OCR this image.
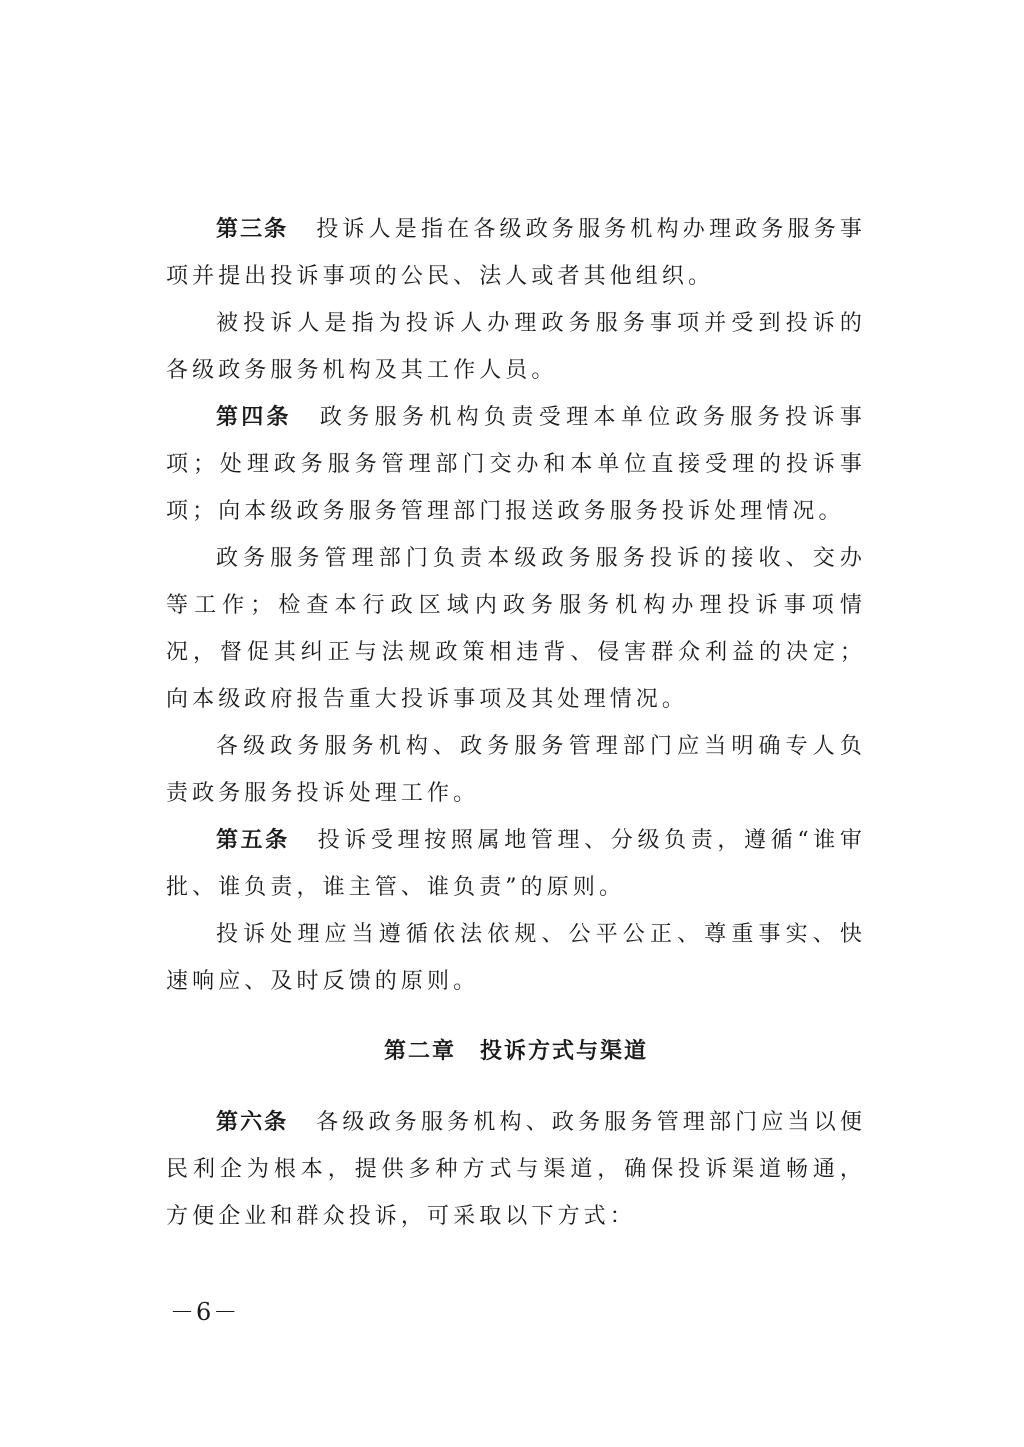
第三条 投诉人是指在各级政务服务机构办理政务服务事项并提出投诉事项的公民、法人或者其他组织。

被投诉人是指为投诉人办理政务服务事项并受到投诉的各级政务服务机构及其工作人员。

第四条 政务服务机构负责受理本单位政务服务投诉事项；处理政务服务管理部门交办和本单位直接受理的投诉事项；向本级政务服务管理部门报送政务服务投诉处理情况。

政务服务管理部门负责本级政务服务投诉的接收、交办等工作；检查本行政区域内政务服务机构办理投诉事项情况，督促其纠正与法规政策相违背、侵害群众利益的决定；向本级政府报告重大投诉事项及其处理情况。

各级政务服务机构、政务服务管理部门应当明确专人负责政务服务投诉处理工作。

第五条 投诉受理按照属地管理、分级负责，遵循“谁审批、谁负责，谁主管、谁负责”的原则。

投诉处理应当遵循依法依规、公平公正、尊重事实、快速响应、及时反馈的原则。

第二章 投诉方式与渠道

第六条 各级政务服务机构、政务服务管理部门应当以便民利企为根本，提供多种方式与渠道，确保投诉渠道畅通，方便企业和群众投诉，可采取以下方式：

－6－
